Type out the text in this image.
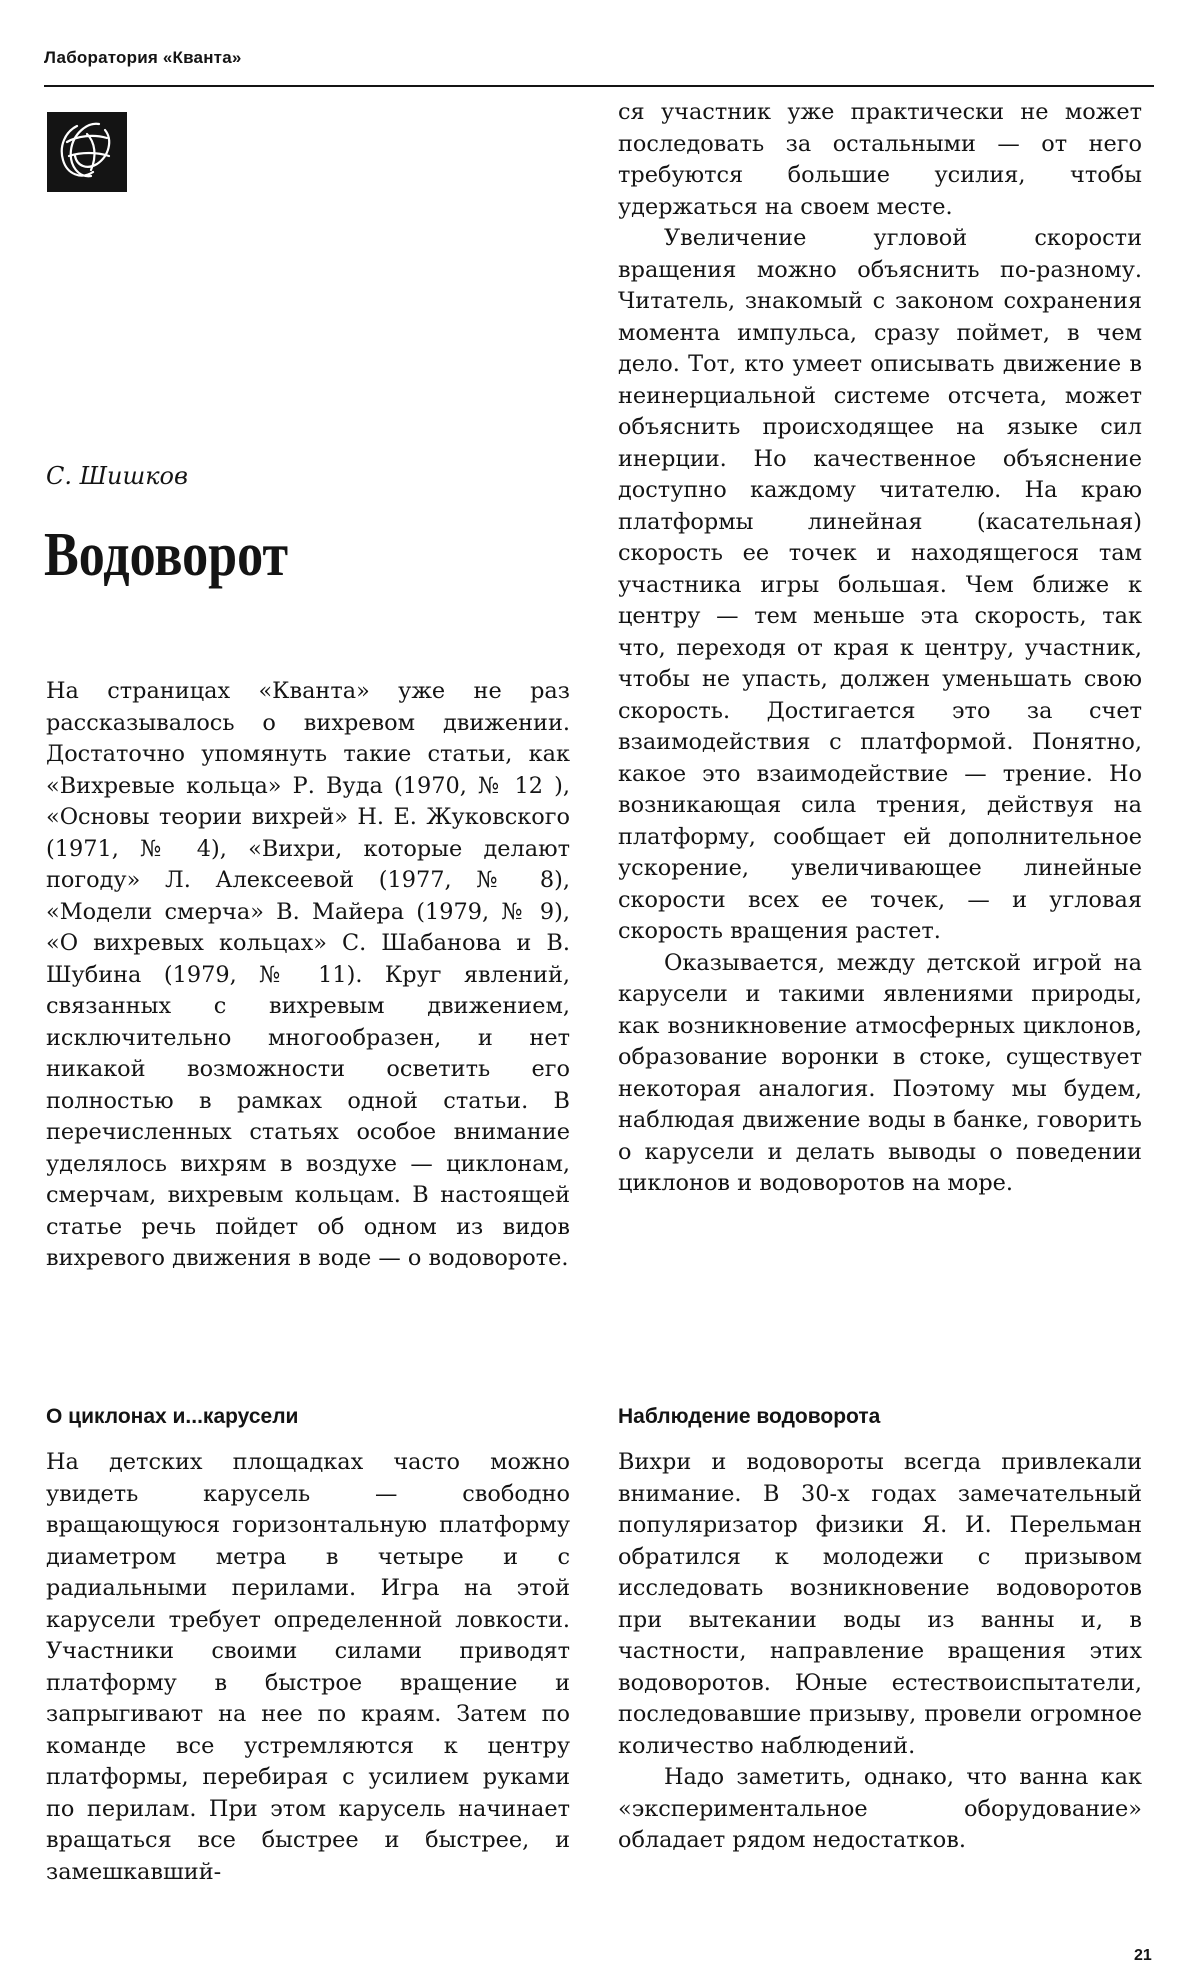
Лаборатория «Кванта»
С. Шишков
Водоворот

На страницах «Кванта» уже не раз рассказывалось о вихревом движении. Достаточно упомянуть такие статьи, как «Вихревые кольца» Р. Вуда (1970, № 12 ), «Основы теории вихрей» Н. Е. Жуковского (1971, № 4), «Вихри, которые делают погоду» Л. Алексеевой (1977, № 8), «Модели смерча» В. Майера (1979, № 9), «О вихревых кольцах» С. Шабанова и В. Шубина (1979, № 11). Круг явлений, связанных с вихревым движением, исключительно многообразен, и нет никакой возможности осветить его полностью в рамках одной статьи. В перечисленных статьях особое внимание уделялось вихрям в воздухе — циклонам, смерчам, вихревым кольцам. В настоящей статье речь пойдет об одном из видов вихревого движения в воде — о водовороте.

О циклонах и...карусели

На детских площадках часто можно увидеть карусель — свободно вращающуюся горизонтальную платформу диаметром метра в четыре и с радиальными перилами. Игра на этой карусели требует определенной ловкости. Участники своими силами приводят платформу в быстрое вращение и запрыгивают на нее по краям. Затем по команде все устремляются к центру платформы, перебирая с усилием руками по перилам. При этом карусель начинает вращаться все быстрее и быстрее, и замешкавший-

ся участник уже практически не может последовать за остальными — от него требуются большие усилия, чтобы удержаться на своем месте.

Увеличение угловой скорости вращения можно объяснить по-разному. Читатель, знакомый с законом сохранения момента импульса, сразу поймет, в чем дело. Тот, кто умеет описывать движение в неинерциальной системе отсчета, может объяснить происходящее на языке сил инерции. Но качественное объяснение доступно каждому читателю. На краю платформы линейная (касательная) скорость ее точек и находящегося там участника игры большая. Чем ближе к центру — тем меньше эта скорость, так что, переходя от края к центру, участник, чтобы не упасть, должен уменьшать свою скорость. Достигается это за счет взаимодействия с платформой. Понятно, какое это взаимодействие — трение. Но возникающая сила трения, действуя на платформу, сообщает ей дополнительное ускорение, увеличивающее линейные скорости всех ее точек, — и угловая скорость вращения растет.

Оказывается, между детской игрой на карусели и такими явлениями природы, как возникновение атмосферных циклонов, образование воронки в стоке, существует некоторая аналогия. Поэтому мы будем, наблюдая движение воды в банке, говорить о карусели и делать выводы о поведении циклонов и водоворотов на море.

Наблюдение водоворота

Вихри и водовороты всегда привлекали внимание. В 30-х годах замечательный популяризатор физики Я. И. Перельман обратился к молодежи с призывом исследовать возникновение водоворотов при вытекании воды из ванны и, в частности, направление вращения этих водоворотов. Юные естествоиспытатели, последовавшие призыву, провели огромное количество наблюдений.

Надо заметить, однако, что ванна как «экспериментальное оборудование» обладает рядом недостатков.

21
